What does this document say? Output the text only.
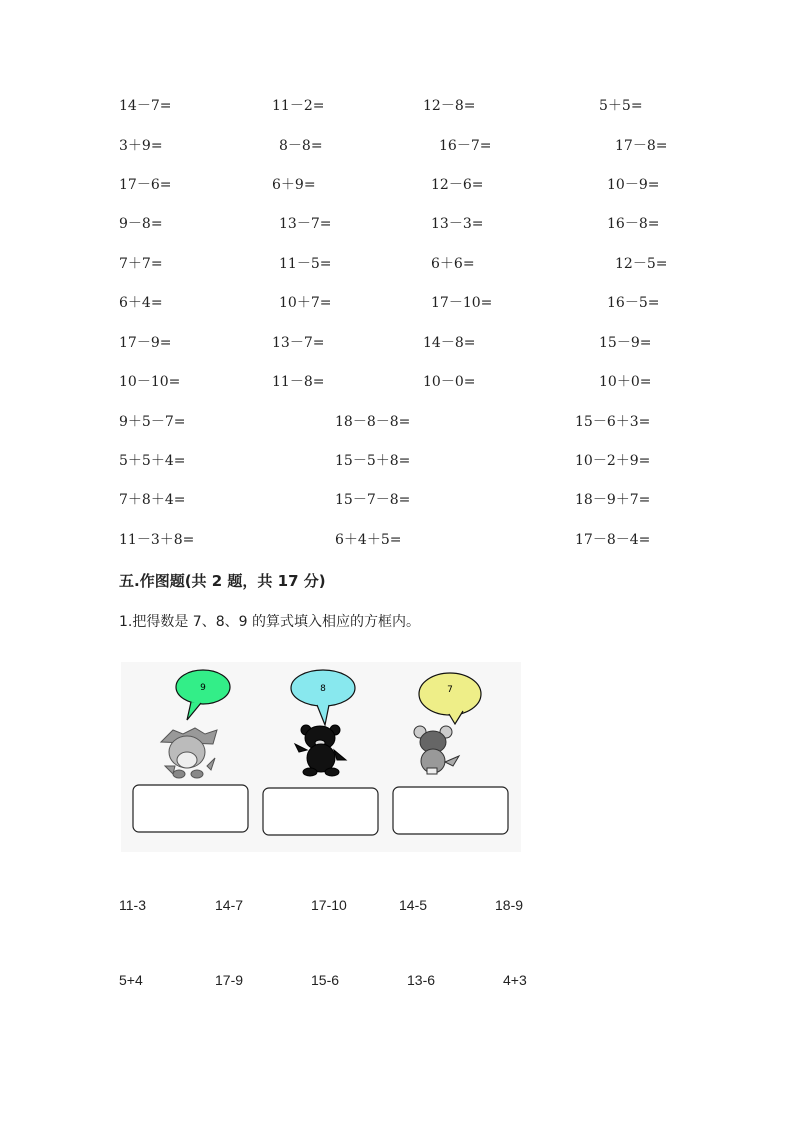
14－7=	11－2=	12－8=	5＋5=
3＋9=	8－8=	16－7=	17－8=
17－6=	6＋9=	12－6=	10－9=
9－8=	13－7=	13－3=	16－8=
7＋7=	11－5=	6＋6=	12－5=
6＋4=	10＋7=	17－10=	16－5=
17－9=	13－7=	14－8=	15－9=
10－10=	11－8=	10－0=	10＋0=
9＋5－7=	18－8－8=	15－6＋3=
5＋5＋4=	15－5＋8=	10－2＋9=
7＋8＋4=	15－7－8=	18－9＋7=
11－3＋8=	6＋4＋5=	17－8－4=
五.作图题(共 2 题，共 17 分)
1.把得数是 7、8、9 的算式填入相应的方框内。
9	8	7
11-3	14-7	17-10	14-5	18-9
5+4	17-9	15-6	13-6	4+3
